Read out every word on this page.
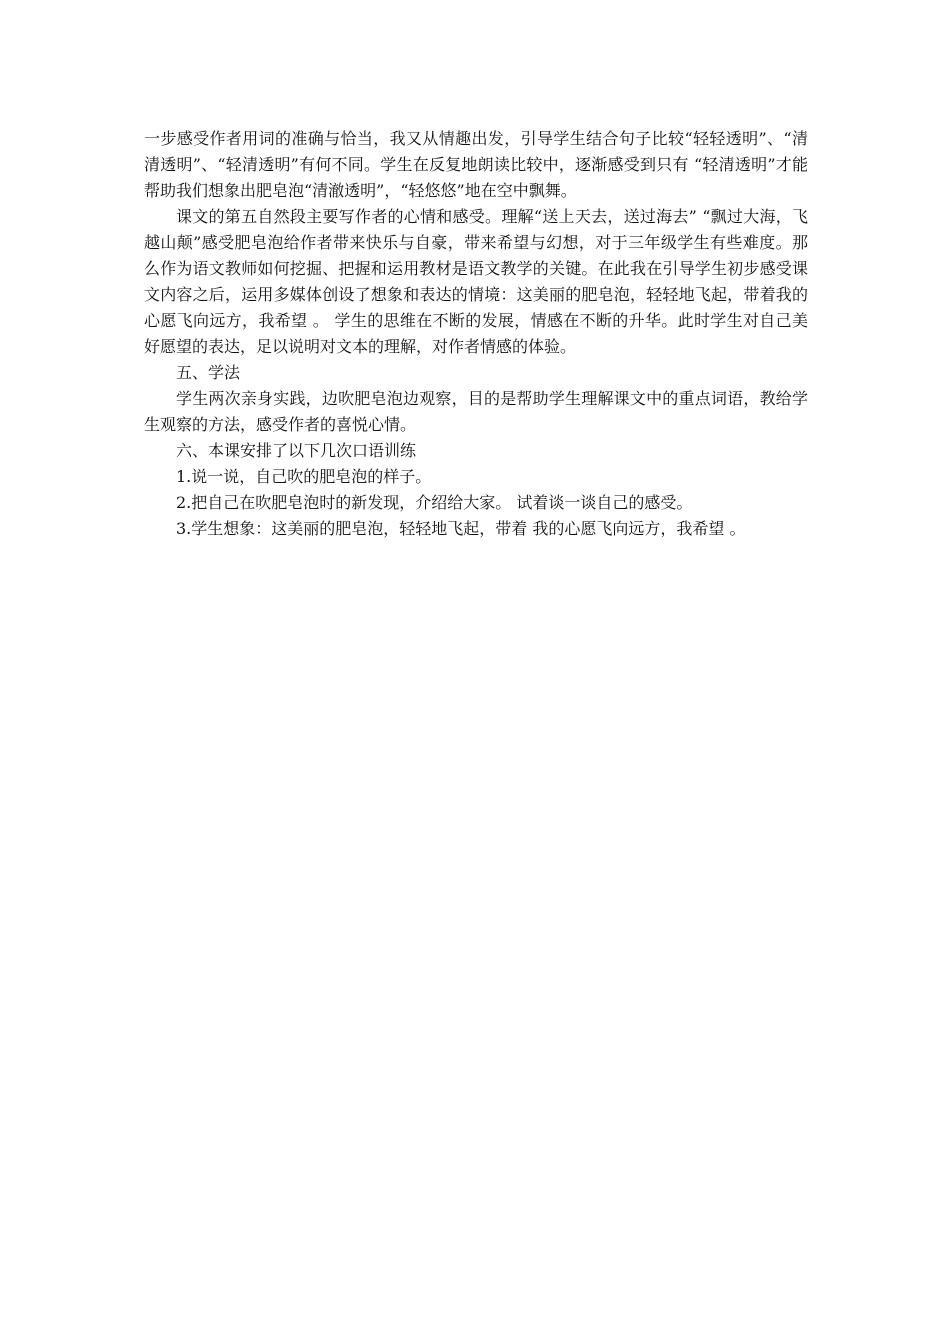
一步感受作者用词的准确与恰当，我又从情趣出发，引导学生结合句子比较“轻轻透明”、“清清透明”、“轻清透明”有何不同。学生在反复地朗读比较中，逐渐感受到只有 “轻清透明”才能帮助我们想象出肥皂泡“清澈透明”，“轻悠悠”地在空中飘舞。

课文的第五自然段主要写作者的心情和感受。理解“送上天去，送过海去” “飘过大海，飞越山颠”感受肥皂泡给作者带来快乐与自豪，带来希望与幻想，对于三年级学生有些难度。那么作为语文教师如何挖掘、把握和运用教材是语文教学的关键。在此我在引导学生初步感受课文内容之后，运用多媒体创设了想象和表达的情境：这美丽的肥皂泡，轻轻地飞起，带着我的心愿飞向远方，我希望 。 学生的思维在不断的发展，情感在不断的升华。此时学生对自己美好愿望的表达，足以说明对文本的理解，对作者情感的体验。

五、学法

学生两次亲身实践，边吹肥皂泡边观察，目的是帮助学生理解课文中的重点词语，教给学生观察的方法，感受作者的喜悦心情。

六、本课安排了以下几次口语训练

1.说一说，自己吹的肥皂泡的样子。

2.把自己在吹肥皂泡时的新发现，介绍给大家。 试着谈一谈自己的感受。

3.学生想象：这美丽的肥皂泡，轻轻地飞起，带着 我的心愿飞向远方，我希望 。
